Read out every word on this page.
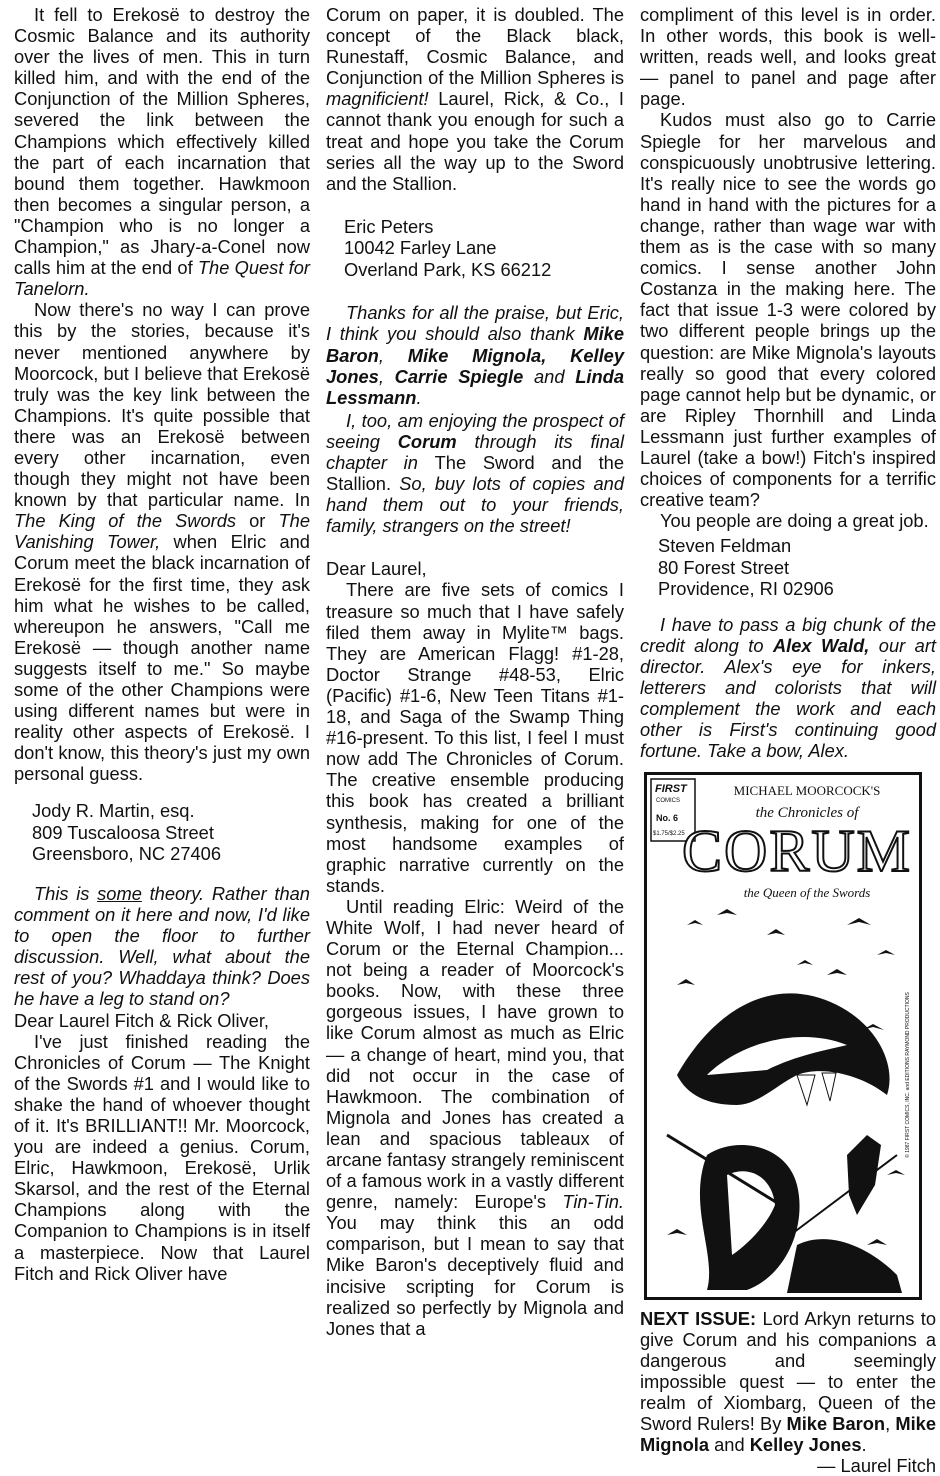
It fell to Erekosë to destroy the Cosmic Balance and its authority over the lives of men. This in turn killed him, and with the end of the Conjunction of the Million Spheres, severed the link between the Champions which effectively killed the part of each incarnation that bound them together. Hawkmoon then becomes a singular person, a "Champion who is no longer a Champion," as Jhary-a-Conel now calls him at the end of The Quest for Tanelorn.

Now there's no way I can prove this by the stories, because it's never mentioned anywhere by Moorcock, but I believe that Erekosë truly was the key link between the Champions. It's quite possible that there was an Erekosë between every other incarnation, even though they might not have been known by that particular name. In The King of the Swords or The Vanishing Tower, when Elric and Corum meet the black incarnation of Erekosë for the first time, they ask him what he wishes to be called, whereupon he answers, "Call me Erekosë — though another name suggests itself to me." So maybe some of the other Champions were using different names but were in reality other aspects of Erekosë. I don't know, this theory's just my own personal guess.

Jody R. Martin, esq.
809 Tuscaloosa Street
Greensboro, NC 27406

This is some theory. Rather than comment on it here and now, I'd like to open the floor to further discussion. Well, what about the rest of you? Whaddaya think? Does he have a leg to stand on?

Dear Laurel Fitch & Rick Oliver,

I've just finished reading the Chronicles of Corum — The Knight of the Swords #1 and I would like to shake the hand of whoever thought of it. It's BRILLIANT!! Mr. Moorcock, you are indeed a genius. Corum, Elric, Hawkmoon, Erekosë, Urlik Skarsol, and the rest of the Eternal Champions along with the Companion to Champions is in itself a masterpiece. Now that Laurel Fitch and Rick Oliver have

Corum on paper, it is doubled. The concept of the Black black, Runestaff, Cosmic Balance, and Conjunction of the Million Spheres is magnificient! Laurel, Rick, & Co., I cannot thank you enough for such a treat and hope you take the Corum series all the way up to the Sword and the Stallion.

Eric Peters
10042 Farley Lane
Overland Park, KS 66212

Thanks for all the praise, but Eric, I think you should also thank Mike Baron, Mike Mignola, Kelley Jones, Carrie Spiegle and Linda Lessmann.

I, too, am enjoying the prospect of seeing Corum through its final chapter in The Sword and the Stallion. So, buy lots of copies and hand them out to your friends, family, strangers on the street!

Dear Laurel,

There are five sets of comics I treasure so much that I have safely filed them away in Mylite™ bags. They are American Flagg! #1-28, Doctor Strange #48-53, Elric (Pacific) #1-6, New Teen Titans #1-18, and Saga of the Swamp Thing #16-present. To this list, I feel I must now add The Chronicles of Corum. The creative ensemble producing this book has created a brilliant synthesis, making for one of the most handsome examples of graphic narrative currently on the stands.

Until reading Elric: Weird of the White Wolf, I had never heard of Corum or the Eternal Champion... not being a reader of Moorcock's books. Now, with these three gorgeous issues, I have grown to like Corum almost as much as Elric — a change of heart, mind you, that did not occur in the case of Hawkmoon. The combination of Mignola and Jones has created a lean and spacious tableaux of arcane fantasy strangely reminiscent of a famous work in a vastly different genre, namely: Europe's Tin-Tin. You may think this an odd comparison, but I mean to say that Mike Baron's deceptively fluid and incisive scripting for Corum is realized so perfectly by Mignola and Jones that a

compliment of this level is in order. In other words, this book is well-written, reads well, and looks great — panel to panel and page after page.

Kudos must also go to Carrie Spiegle for her marvelous and conspicuously unobtrusive lettering. It's really nice to see the words go hand in hand with the pictures for a change, rather than wage war with them as is the case with so many comics. I sense another John Costanza in the making here. The fact that issue 1-3 were colored by two different people brings up the question: are Mike Mignola's layouts really so good that every colored page cannot help but be dynamic, or are Ripley Thornhill and Linda Lessmann just further examples of Laurel (take a bow!) Fitch's inspired choices of components for a terrific creative team?

You people are doing a great job.

Steven Feldman
80 Forest Street
Providence, RI 02906

I have to pass a big chunk of the credit along to Alex Wald, our art director. Alex's eye for inkers, letterers and colorists that will complement the work and each other is First's continuing good fortune. Take a bow, Alex.

FIRST
COMICS
No. 6
$1.75/$2.25
MICHAEL MOORCOCK'S
the Chronicles of
CORUM
the Queen of the Swords
© 1987 FIRST COMICS, INC. and EDITIONS RAYMOND PRODUCTIONS

NEXT ISSUE: Lord Arkyn returns to give Corum and his companions a dangerous and seemingly impossible quest — to enter the realm of Xiombarg, Queen of the Sword Rulers! By Mike Baron, Mike Mignola and Kelley Jones.
— Laurel Fitch
